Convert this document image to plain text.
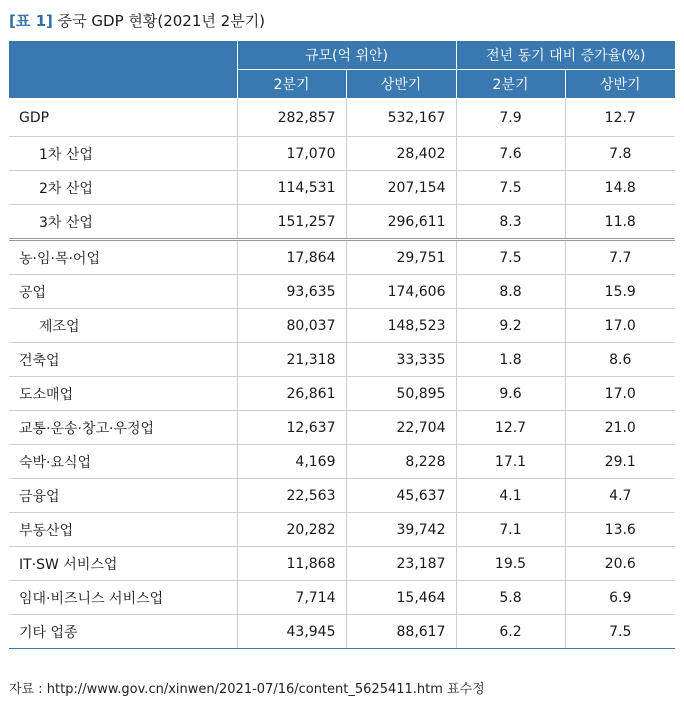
[표 1] 중국 GDP 현황(2021년 2분기)
	규모(억 위안)		전년 동기 대비 증가율(%)	
	2분기	상반기	2분기	상반기
GDP	282,857	532,167	7.9	12.7
1차 산업	17,070	28,402	7.6	7.8
2차 산업	114,531	207,154	7.5	14.8
3차 산업	151,257	296,611	8.3	11.8
농·임·목·어업	17,864	29,751	7.5	7.7
공업	93,635	174,606	8.8	15.9
제조업	80,037	148,523	9.2	17.0
건축업	21,318	33,335	1.8	8.6
도소매업	26,861	50,895	9.6	17.0
교통·운송·창고·우정업	12,637	22,704	12.7	21.0
숙박·요식업	4,169	8,228	17.1	29.1
금융업	22,563	45,637	4.1	4.7
부동산업	20,282	39,742	7.1	13.6
IT·SW 서비스업	11,868	23,187	19.5	20.6
임대·비즈니스 서비스업	7,714	15,464	5.8	6.9
기타 업종	43,945	88,617	6.2	7.5
자료 : http://www.gov.cn/xinwen/2021-07/16/content_5625411.htm 표수정
